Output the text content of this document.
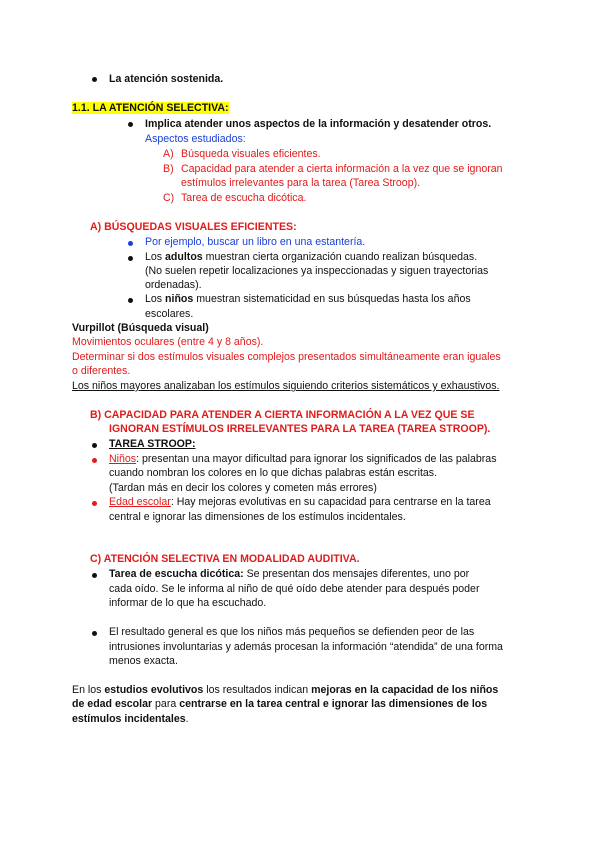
La atención sostenida.
1.1. LA ATENCIÓN SELECTIVA:
Implica atender unos aspectos de la información y desatender otros.
Aspectos estudiados:
A) Búsqueda visuales eficientes.
B) Capacidad para atender a cierta información a la vez que se ignoran
estímulos irrelevantes para la tarea (Tarea Stroop).
C) Tarea de escucha dicótica.
A) BÚSQUEDAS VISUALES EFICIENTES:
Por ejemplo, buscar un libro en una estantería.
Los adultos muestran cierta organización cuando realizan búsquedas.
(No suelen repetir localizaciones ya inspeccionadas y siguen trayectorias
ordenadas).
Los niños muestran sistematicidad en sus búsquedas hasta los años
escolares.
Vurpillot (Búsqueda visual)
Movimientos oculares (entre 4 y 8 años).
Determinar si dos estímulos visuales complejos presentados simultáneamente eran iguales
o diferentes.
Los niños mayores analizaban los estímulos siguiendo criterios sistemáticos y exhaustivos.
B) CAPACIDAD PARA ATENDER A CIERTA INFORMACIÓN A LA VEZ QUE SE
IGNORAN ESTÍMULOS IRRELEVANTES PARA LA TAREA (TAREA STROOP).
TAREA STROOP:
Niños: presentan una mayor dificultad para ignorar los significados de las palabras
cuando nombran los colores en lo que dichas palabras están escritas.
(Tardan más en decir los colores y cometen más errores)
Edad escolar: Hay mejoras evolutivas en su capacidad para centrarse en la tarea
central e ignorar las dimensiones de los estímulos incidentales.
C) ATENCIÓN SELECTIVA EN MODALIDAD AUDITIVA.
Tarea de escucha dicótica: Se presentan dos mensajes diferentes, uno por
cada oído. Se le informa al niño de qué oído debe atender para después poder
informar de lo que ha escuchado.
El resultado general es que los niños más pequeños se defienden peor de las
intrusiones involuntarias y además procesan la información “atendida” de una forma
menos exacta.
En los estudios evolutivos los resultados indican mejoras en la capacidad de los niños
de edad escolar para centrarse en la tarea central e ignorar las dimensiones de los
estímulos incidentales.
